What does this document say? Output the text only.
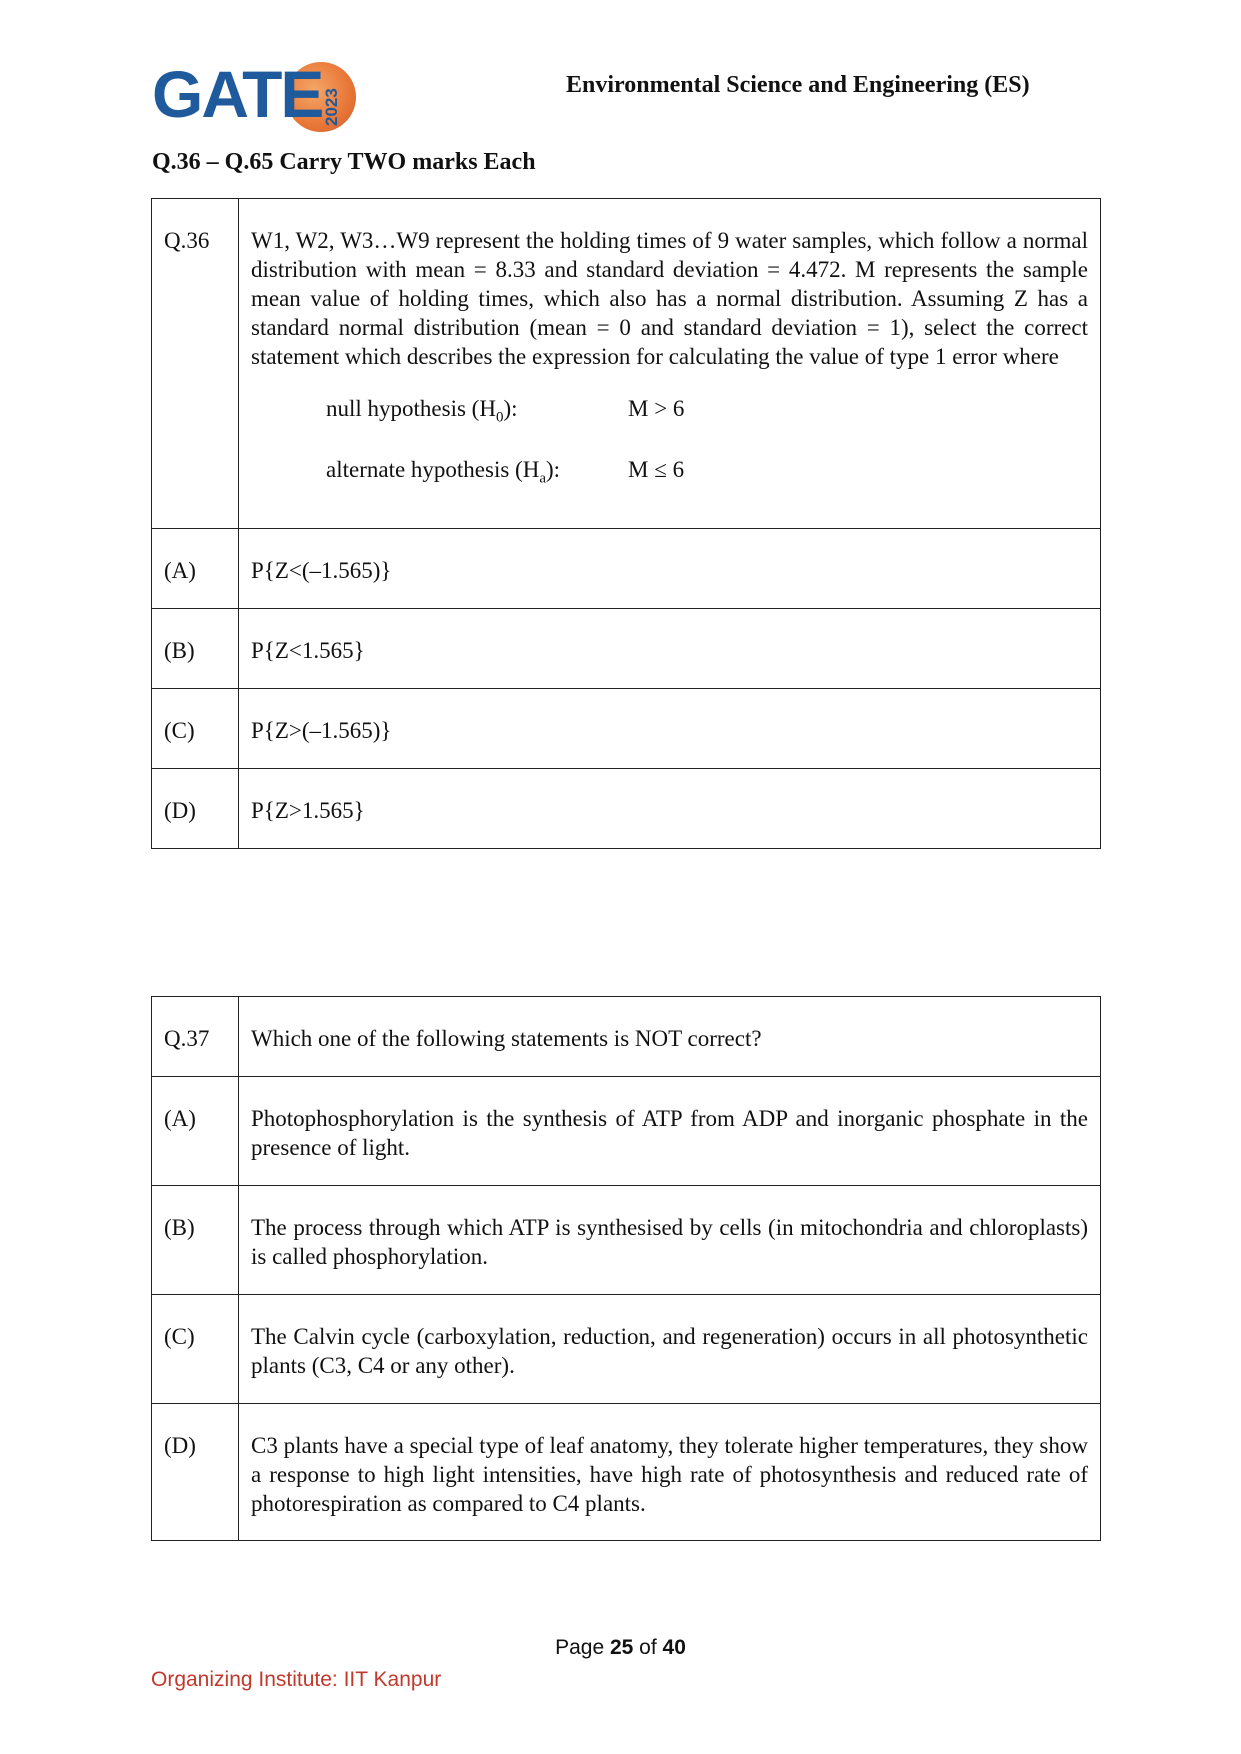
GATE 2023
Environmental Science and Engineering (ES)
Q.36 – Q.65 Carry TWO marks Each
Q.36	W1, W2, W3…W9 represent the holding times of 9 water samples, which follow a normal distribution with mean = 8.33 and standard deviation = 4.472. M represents the sample mean value of holding times, which also has a normal distribution. Assuming Z has a standard normal distribution (mean = 0 and standard deviation = 1), select the correct statement which describes the expression for calculating the value of type 1 error where
null hypothesis $(H_0)$: M > 6
alternate hypothesis $(H_a)$: M ≤ 6

(A)	P{Z<(–1.565)}

(B)	P{Z<1.565}

(C)	P{Z>(–1.565)}

(D)	P{Z>1.565}
Q.37	Which one of the following statements is NOT correct?

(A)	Photophosphorylation is the synthesis of ATP from ADP and inorganic phosphate in the presence of light.

(B)	The process through which ATP is synthesised by cells (in mitochondria and chloroplasts) is called phosphorylation.

(C)	The Calvin cycle (carboxylation, reduction, and regeneration) occurs in all photosynthetic plants (C3, C4 or any other).

(D)	C3 plants have a special type of leaf anatomy, they tolerate higher temperatures, they show a response to high light intensities, have high rate of photosynthesis and reduced rate of photorespiration as compared to C4 plants.
Page 25 of 40
Organizing Institute: IIT Kanpur
